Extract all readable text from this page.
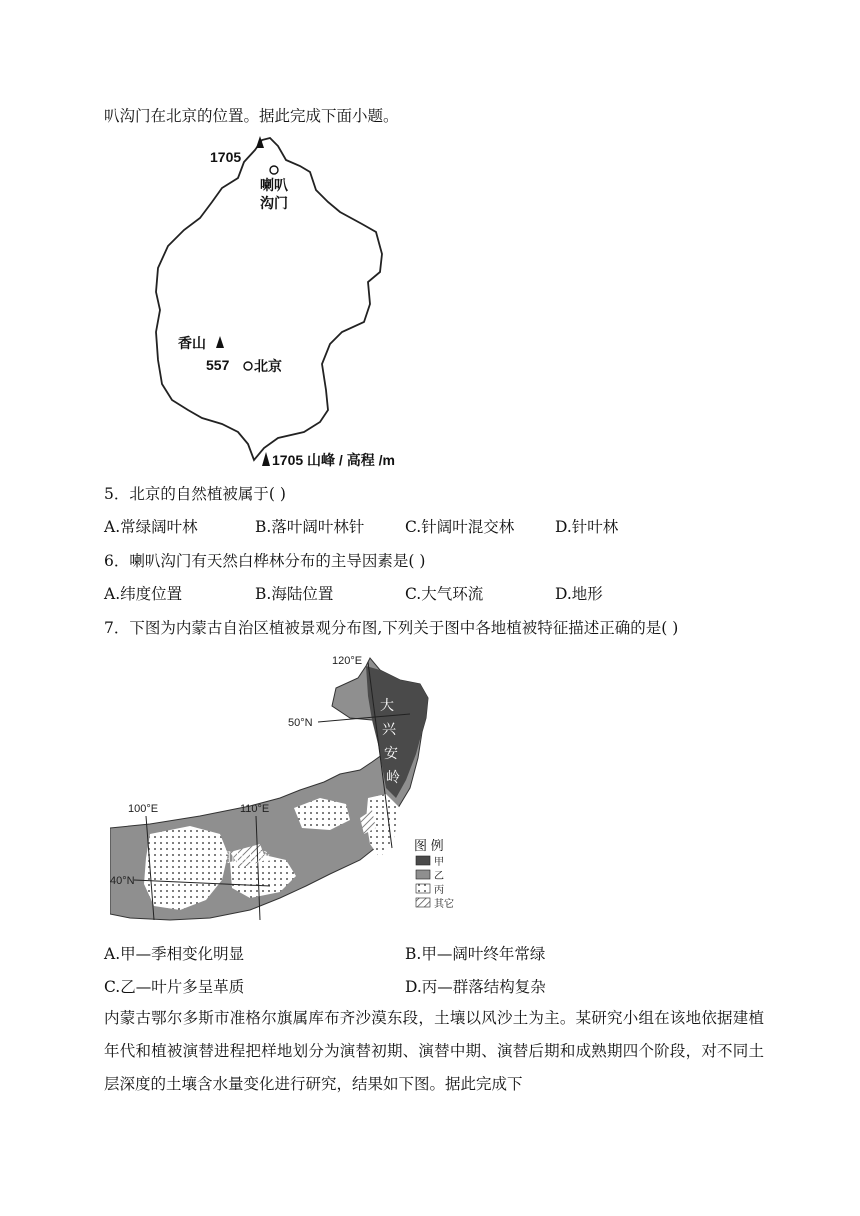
叭沟门在北京的位置。据此完成下面小题。
1705
喇叭
沟门
香山
557 北京
1705 山峰 / 高程 /m
5．北京的自然植被属于( )
A.常绿阔叶林	B.落叶阔叶林针	C.针阔叶混交林	D.针叶林
6．喇叭沟门有天然白桦林分布的主导因素是( )
A.纬度位置	B.海陆位置	C.大气环流	D.地形
7．下图为内蒙古自治区植被景观分布图,下列关于图中各地植被特征描述正确的是( )
120°E
100°E	110°E
50°N
40°N
大
兴
安
岭
阴山山脉
图 例
甲
乙
丙
其它
A.甲—季相变化明显	B.甲—阔叶终年常绿
C.乙—叶片多呈革质	D.丙—群落结构复杂
内蒙古鄂尔多斯市准格尔旗属库布齐沙漠东段，土壤以风沙土为主。某研究小组在该地依据建植年代和植被演替进程把样地划分为演替初期、演替中期、演替后期和成熟期四个阶段，对不同土层深度的土壤含水量变化进行研究，结果如下图。据此完成下
